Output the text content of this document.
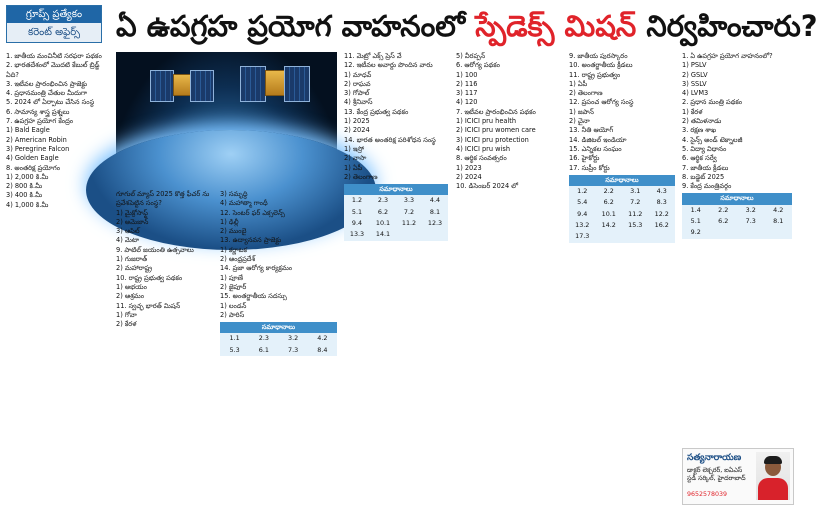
గ్రూప్స్ ప్రత్యేకం
కరెంట్ అఫైర్స్	ఏ ఉపగ్రహ ప్రయోగ వాహనంలో స్పేడెక్స్ మిషన్ నిర్వహించారు?

1. జాతీయ మంచినీటి సరఫరా పథకం

2. భారతదేశంలో మొదటి కేబుల్ బ్రిడ్జ్ ఏది?

3. ఇటీవల ప్రారంభించిన ప్రాజెక్టు

4. ప్రధానమంత్రి చేతుల మీదుగా

5. 2024 లో ఏర్పాటు చేసిన సంస్థ

6. సామాన్య శాస్త్ర ప్రశ్నలు

7. ఉపగ్రహ ప్రయోగ కేంద్రం

1) Bald Eagle

2) American Robin

3) Peregrine Falcon

4) Golden Eagle

8. అంతరిక్ష ప్రయోగం

1) 2,000 కి.మీ

2) 800 కి.మీ

3) 400 కి.మీ

4) 1,000 కి.మీ

గూగుల్ మ్యాప్ 2025 కొత్త ఫీచర్ ను ప్రవేశపెట్టిన సంస్థ?

1) మైక్రోసాఫ్ట్

2) అమెజాన్

3) ఆపిల్

4) మెటా

9. పాటిల్ జయంతి ఉత్సవాలు

1) గుజరాత్

2) మహారాష్ట్ర

10. రాష్ట్ర ప్రభుత్వ పథకం

1) అభయం

2) ఆశ్రమం

11. స్వచ్ఛ భారత్ మిషన్

1) గోవా

2) కేరళ

3) సమృద్ధి

4) మహాత్మా గాంధీ

12. సెంటర్ ఫర్ ఎక్సలెన్స్

1) ఢిల్లీ

2) ముంబై

13. ఉద్యానవన ప్రాజెక్టు

1) కర్ణాటక

2) ఆంధ్రప్రదేశ్

14. ప్రజా ఆరోగ్య కార్యక్రమం

1) పూణే

2) జైపూర్

15. అంతర్జాతీయ సదస్సు

1) లండన్

2) పారిస్

సమాధానాలు			
1.1	2.3	3.2	4.2
5.3	6.1	7.3	8.4

11. మెట్రో ఎక్స్ ప్రెస్ వే

12. ఇటీవల అవార్డు పొందిన వారు

1) మాధవ్

2) రాఘవ

3) గోపాల్

4) శ్రీనివాస్

13. కేంద్ర ప్రభుత్వ పథకం

1) 2025

2) 2024

14. భారత అంతరిక్ష పరిశోధన సంస్థ

1) ఇస్రో

2) నాసా

1) ఏపీ

2) తెలంగాణ

సమాధానాలు			
1.2	2.3	3.3	4.4
5.1	6.2	7.2	8.1
9.4	10.1	11.2	12.3
13.3	14.1		

5) వీరప్పన్

6. ఆరోగ్య పథకం

1) 100

2) 116

3) 117

4) 120

7. ఇటీవల ప్రారంభించిన పథకం

1) ICICI pru health

2) ICICI pru women care

3) ICICI pru protection

4) ICICI pru wish

8. ఆర్థిక సంవత్సరం

1) 2023

2) 2024

10. డిసెంబర్ 2024 లో

9. జాతీయ పురస్కారం

10. అంతర్జాతీయ క్రీడలు

11. రాష్ట్ర ప్రభుత్వం

1) ఏపీ

2) తెలంగాణ

12. ప్రపంచ ఆరోగ్య సంస్థ

1) జపాన్

2) చైనా

13. నీతి ఆయోగ్

14. డిజిటల్ ఇండియా

15. ఎన్నికల సంఘం

16. హైకోర్టు

17. సుప్రీం కోర్టు

సమాధానాలు			
1.2	2.2	3.1	4.3
5.4	6.2	7.2	8.3
9.4	10.1	11.2	12.2
13.2	14.2	15.3	16.2
17.3			

1. ఏ ఉపగ్రహ ప్రయోగ వాహనంలో?

1) PSLV

2) GSLV

3) SSLV

4) LVM3

2. ప్రధాన మంత్రి పథకం

1) కేరళ

2) తమిళనాడు

3. రక్షణ శాఖ

4. సైన్స్ అండ్ టెక్నాలజీ

5. విద్యా విధానం

6. ఆర్థిక సర్వే

7. జాతీయ క్రీడలు

8. బడ్జెట్ 2025

9. కేంద్ర మంత్రివర్గం

సమాధానాలు			
1.4	2.2	3.2	4.2
5.1	6.2	7.3	8.1
9.2			
సత్యనారాయణ
డాక్టర్ లెక్చరర్, ఐఏఎస్ స్టడీ సర్కిల్, హైదరాబాద్
9652578039
